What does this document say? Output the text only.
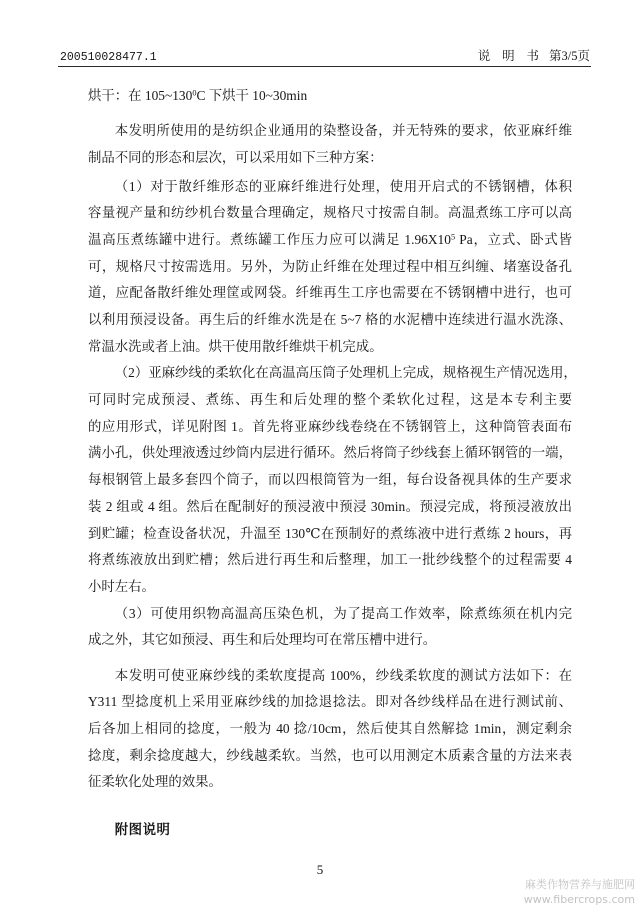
200510028477.1	说 明 书 第3/5页
烘干：在 $105\sim 130^0C$ 下烘干 10~30min
本发明所使用的是纺织企业通用的染整设备，并无特殊的要求，依亚麻纤维
制品不同的形态和层次，可以采用如下三种方案：
（1）对于散纤维形态的亚麻纤维进行处理，使用开启式的不锈钢槽，体积
容量视产量和纺纱机台数量合理确定，规格尺寸按需自制。高温煮练工序可以高
温高压煮练罐中进行。煮练罐工作压力应可以满足 $1.96X10^5$ Pa，立式、卧式皆
可，规格尺寸按需选用。另外，为防止纤维在处理过程中相互纠缠、堵塞设备孔
道，应配备散纤维处理筐或网袋。纤维再生工序也需要在不锈钢槽中进行，也可
以利用预浸设备。再生后的纤维水洗是在 5~7 格的水泥槽中连续进行温水洗涤、
常温水洗或者上油。烘干使用散纤维烘干机完成。
（2）亚麻纱线的柔软化在高温高压筒子处理机上完成，规格视生产情况选用，
可同时完成预浸、煮练、再生和后处理的整个柔软化过程，这是本专利主要
的应用形式，详见附图 1。首先将亚麻纱线卷绕在不锈钢管上，这种筒管表面布
满小孔，供处理液透过纱筒内层进行循环。然后将筒子纱线套上循环钢管的一端，
每根钢管上最多套四个筒子，而以四根筒管为一组，每台设备视具体的生产要求
装 2 组或 4 组。然后在配制好的预浸液中预浸 30min。预浸完成，将预浸液放出
到贮罐；检查设备状况，升温至 130℃在预制好的煮练液中进行煮练 2 hours，再
将煮练液放出到贮槽；然后进行再生和后整理，加工一批纱线整个的过程需要 4
小时左右。
（3）可使用织物高温高压染色机，为了提高工作效率，除煮练须在机内完
成之外，其它如预浸、再生和后处理均可在常压槽中进行。
本发明可使亚麻纱线的柔软度提高 100%，纱线柔软度的测试方法如下：在
Y311 型捻度机上采用亚麻纱线的加捻退捻法。即对各纱线样品在进行测试前、
后各加上相同的捻度，一般为 40 捻/10cm，然后使其自然解捻 1min，测定剩余
捻度，剩余捻度越大，纱线越柔软。当然，也可以用测定木质素含量的方法来表
征柔软化处理的效果。
附图说明
5
麻类作物营养与施肥网
www.fibercrops.com
